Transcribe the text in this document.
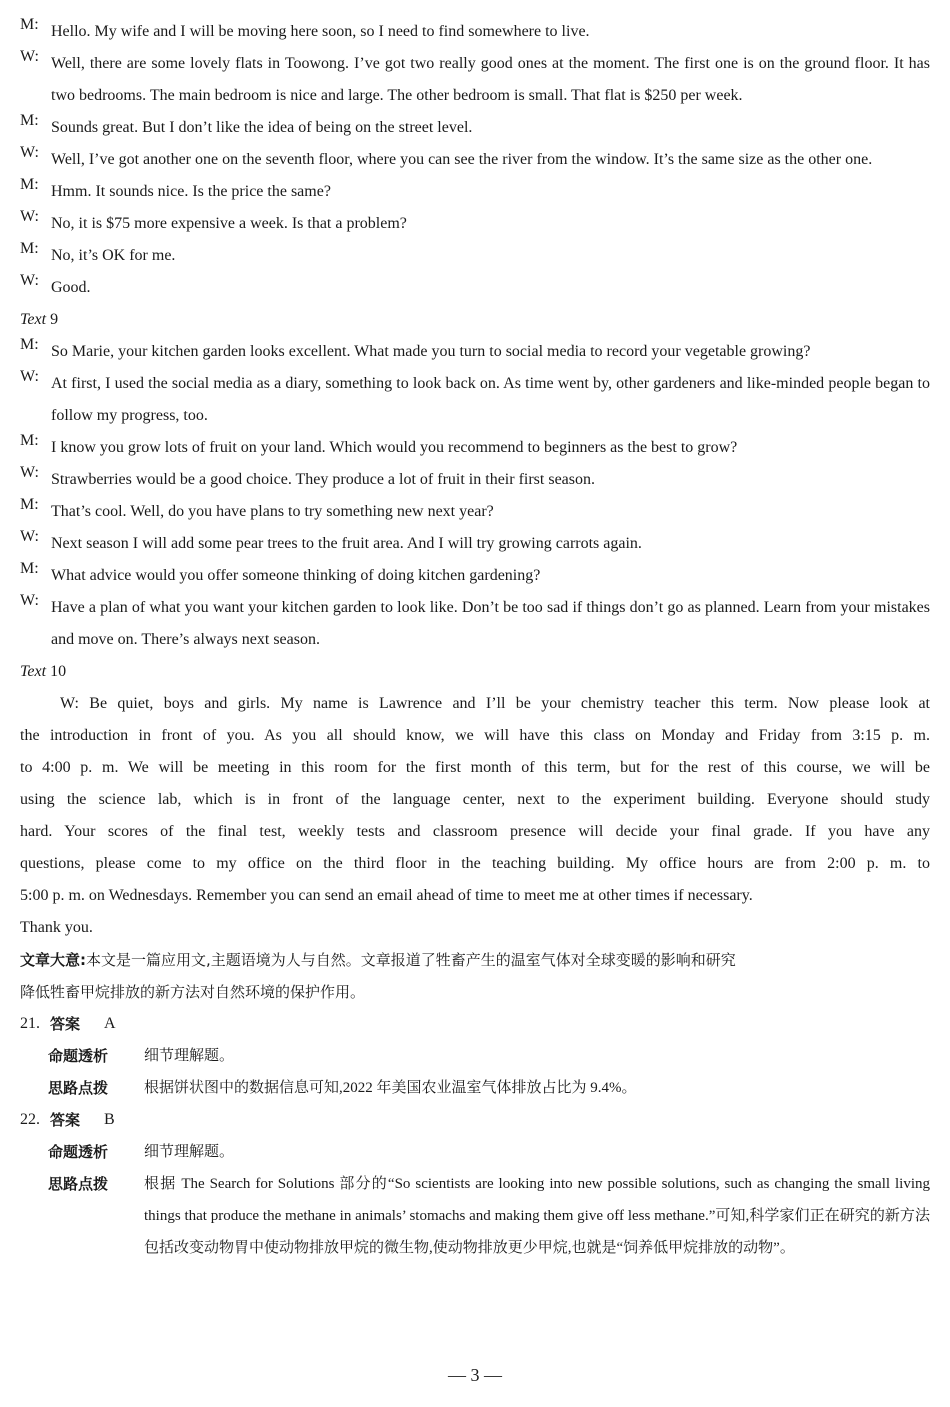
M: Hello. My wife and I will be moving here soon, so I need to find somewhere to live.
W: Well, there are some lovely flats in Toowong. I’ve got two really good ones at the moment. The first one is on the ground floor. It has two bedrooms. The main bedroom is nice and large. The other bedroom is small. That flat is $250 per week.
M: Sounds great. But I don’t like the idea of being on the street level.
W: Well, I’ve got another one on the seventh floor, where you can see the river from the window. It’s the same size as the other one.
M: Hmm. It sounds nice. Is the price the same?
W: No, it is $75 more expensive a week. Is that a problem?
M: No, it’s OK for me.
W: Good.
Text 9
M: So Marie, your kitchen garden looks excellent. What made you turn to social media to record your vegetable growing?
W: At first, I used the social media as a diary, something to look back on. As time went by, other gardeners and like-minded people began to follow my progress, too.
M: I know you grow lots of fruit on your land. Which would you recommend to beginners as the best to grow?
W: Strawberries would be a good choice. They produce a lot of fruit in their first season.
M: That’s cool. Well, do you have plans to try something new next year?
W: Next season I will add some pear trees to the fruit area. And I will try growing carrots again.
M: What advice would you offer someone thinking of doing kitchen gardening?
W: Have a plan of what you want your kitchen garden to look like. Don’t be too sad if things don’t go as planned. Learn from your mistakes and move on. There’s always next season.
Text 10
W: Be quiet, boys and girls. My name is Lawrence and I’ll be your chemistry teacher this term. Now please look at
the introduction in front of you. As you all should know, we will have this class on Monday and Friday from 3:15 p. m.
to 4:00 p. m. We will be meeting in this room for the first month of this term, but for the rest of this course, we will be
using the science lab, which is in front of the language center, next to the experiment building. Everyone should study
hard. Your scores of the final test, weekly tests and classroom presence will decide your final grade. If you have any
questions, please come to my office on the third floor in the teaching building. My office hours are from 2:00 p. m. to
5:00 p. m. on Wednesdays. Remember you can send an email ahead of time to meet me at other times if necessary.
Thank you.
文章大意:本文是一篇应用文,主题语境为人与自然。文章报道了牲畜产生的温室气体对全球变暖的影响和研究
降低牲畜甲烷排放的新方法对自然环境的保护作用。
21. 答案	A
命题透析	细节理解题。
思路点拨	根据饼状图中的数据信息可知,2022 年美国农业温室气体排放占比为 9.4%。
22. 答案	B
命题透析	细节理解题。
思路点拨	根据 The Search for Solutions 部分的“So scientists are looking into new possible solutions, such as changing the small living things that produce the methane in animals’ stomachs and making them give off less methane.”可知,科学家们正在研究的新方法包括改变动物胃中使动物排放甲烷的微生物,使动物排放更少甲烷,也就是“饲养低甲烷排放的动物”。
— 3 —
